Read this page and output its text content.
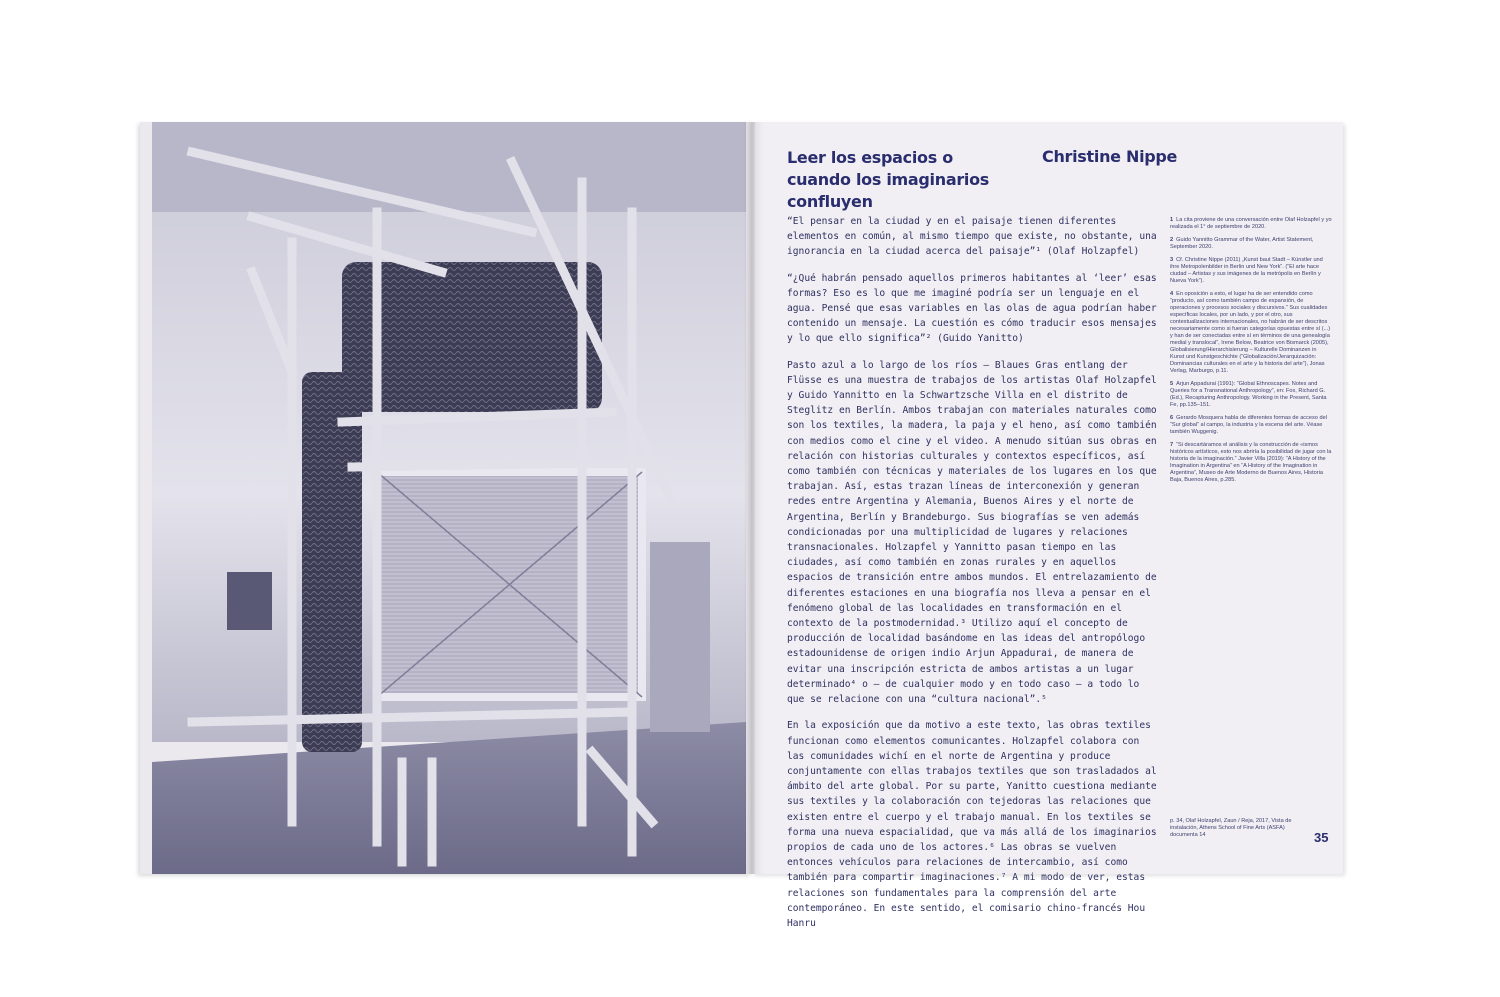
Leer los espacios o cuando los imaginarios confluyen
Christine Nippe

“El pensar en la ciudad y en el paisaje tienen diferentes elementos en común, al mismo tiempo que existe, no obstante, una ignorancia en la ciudad acerca del paisaje”¹ (Olaf Holzapfel)

“¿Qué habrán pensado aquellos primeros habitantes al ‘leer’ esas formas? Eso es lo que me imaginé podría ser un lenguaje en el agua. Pensé que esas variables en las olas de agua podrían haber contenido un mensaje. La cuestión es cómo traducir esos mensajes y lo que ello significa”² (Guido Yanitto)

Pasto azul a lo largo de los ríos – Blaues Gras entlang der Flüsse es una muestra de trabajos de los artistas Olaf Holzapfel y Guido Yannitto en la Schwartzsche Villa en el distrito de Steglitz en Berlín. Ambos trabajan con materiales naturales como son los textiles, la madera, la paja y el heno, así como también con medios como el cine y el video. A menudo sitúan sus obras en relación con historias culturales y contextos específicos, así como también con técnicas y materiales de los lugares en los que trabajan. Así, estas trazan líneas de interconexión y generan redes entre Argentina y Alemania, Buenos Aires y el norte de Argentina, Berlín y Brandeburgo. Sus biografías se ven además condicionadas por una multiplicidad de lugares y relaciones transnacionales. Holzapfel y Yannitto pasan tiempo en las ciudades, así como también en zonas rurales y en aquellos espacios de transición entre ambos mundos. El entrelazamiento de diferentes estaciones en una biografía nos lleva a pensar en el fenómeno global de las localidades en transformación en el contexto de la postmodernidad.³ Utilizo aquí el concepto de producción de localidad basándome en las ideas del antropólogo estadounidense de origen indio Arjun Appadurai, de manera de evitar una inscripción estricta de ambos artistas a un lugar determinado⁴ o – de cualquier modo y en todo caso – a todo lo que se relacione con una “cultura nacional”.⁵

En la exposición que da motivo a este texto, las obras textiles funcionan como elementos comunicantes. Holzapfel colabora con las comunidades wichí en el norte de Argentina y produce conjuntamente con ellas trabajos textiles que son trasladados al ámbito del arte global. Por su parte, Yanitto cuestiona mediante sus textiles y la colaboración con tejedoras las relaciones que existen entre el cuerpo y el trabajo manual. En los textiles se forma una nueva espacialidad, que va más allá de los imaginarios propios de cada uno de los actores.⁶ Las obras se vuelven entonces vehículos para relaciones de intercambio, así como también para compartir imaginaciones.⁷ A mi modo de ver, estas relaciones son fundamentales para la comprensión del arte contemporáneo. En este sentido, el comisario chino-francés Hou Hanru

1 La cita proviene de una conversación entre Olaf Holzapfel y yo realizada el 1° de septiembre de 2020.
2 Guido Yannitto Grammar of the Water, Artist Statement, September 2020.
3 Cf. Christine Nippe (2011) „Kunst baut Stadt – Künstler und ihre Metropolenbilder in Berlin und New York“. (“El arte hace ciudad – Artistas y sus imágenes de la metrópolis en Berlín y Nueva York”).
4 En oposición a esto, el lugar ha de ser entendido como “producto, así como también campo de expansión, de operaciones y procesos sociales y discursivos.” Sus cualidades específicas locales, por un lado, y por el otro, sus contextualizaciones internacionales, no habrán de ser descritos necesariamente como si fueran categorías opuestas entre sí (...) y han de ser conectadas entre sí en términos de una genealogía medial y translocal”, Irene Below, Beatrice von Bismarck (2005), Globalisierung/Hierarchisierung – Kulturelle Dominanzen in Kunst und Kunstgeschichte (“Globalización/Jerarquización: Dominancias culturales en el arte y la historia del arte”), Jonas Verlag, Marburgo, p.11.
5 Arjun Appadurai (1991): “Global Ethnoscapes. Notes and Queries for a Transnational Anthropology”, en: Fox, Richard G. (Ed.), Recapturing Anthropology. Working in the Present, Santa Fe, pp.135–151.
6 Gerardo Mosquera habla de diferentes formas de acceso del “Sur global” al campo, la industria y la escena del arte. Véase también Wuggenig.
7 “Si descartáramos el análisis y la construcción de «ismos históricos artísticos, esto nos abriría la posibilidad de jugar con la historia de la imaginación.” Javier Villa (2019): “A History of the Imagination in Argentina” en “A History of the Imagination in Argentina”, Museo de Arte Moderno de Buenos Aires, Historia Baja, Buenos Aires, p.285.
p. 34, Olaf Holzapfel, Zaun / Reja, 2017, Vista de instalación, Athens School of Fine Arts (ASFA) documenta 14	35
